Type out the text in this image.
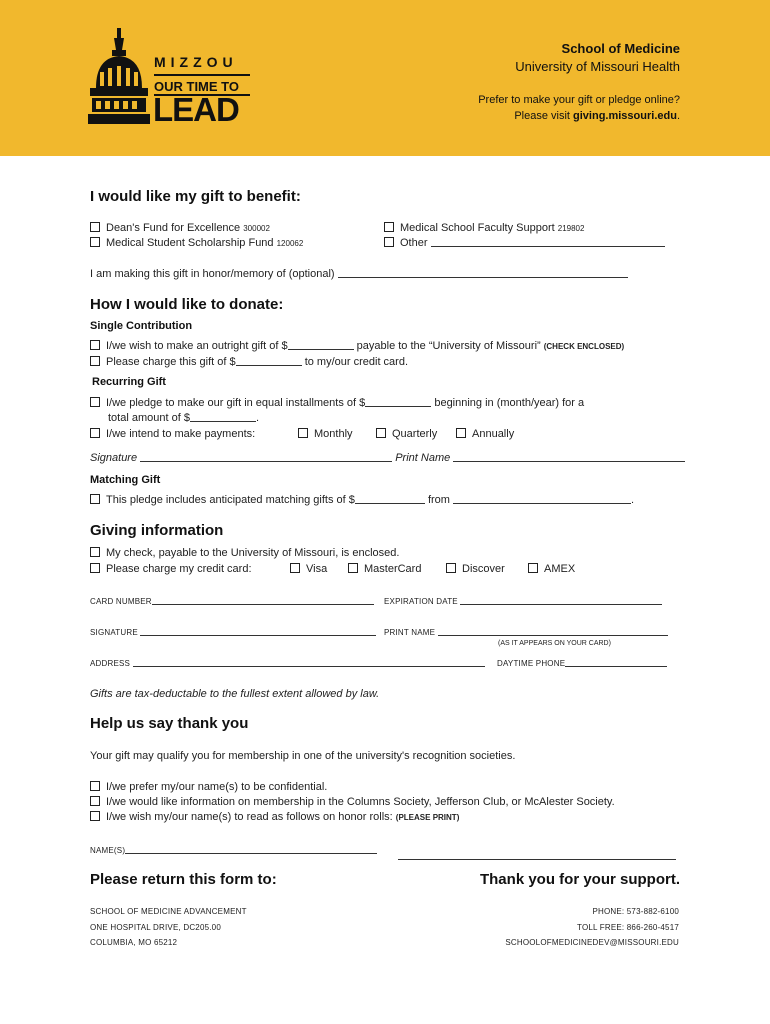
MIZZOU
OUR TIME TO
LEAD
School of Medicine
University of Missouri Health
Prefer to make your gift or pledge online?
Please visit giving.missouri.edu.
I would like my gift to benefit:
Dean's Fund for Excellence 300002
Medical Student Scholarship Fund 120062
Medical School Faculty Support 219802
Other
I am making this gift in honor/memory of (optional)
How I would like to donate:
Single Contribution
I/we wish to make an outright gift of $	payable to the “University of Missouri” (CHECK ENCLOSED)
Please charge this gift of $	to my/our credit card.
Recurring Gift
I/we pledge to make our gift in equal installments of $	beginning in (month/year) for a
total amount of $	.
I/we intend to make payments:	Monthly	Quarterly	Annually
Signature	Print Name
Matching Gift
This pledge includes anticipated matching gifts of $	from	.
Giving information
My check, payable to the University of Missouri, is enclosed.
Please charge my credit card:	Visa	MasterCard	Discover	AMEX
CARD NUMBER	EXPIRATION DATE
SIGNATURE	PRINT NAME
(AS IT APPEARS ON YOUR CARD)
ADDRESS	DAYTIME PHONE
Gifts are tax-deductable to the fullest extent allowed by law.
Help us say thank you
Your gift may qualify you for membership in one of the university's recognition societies.
I/we prefer my/our name(s) to be confidential.
I/we would like information on membership in the Columns Society, Jefferson Club, or McAlester Society.
I/we wish my/our name(s) to read as follows on honor rolls: (PLEASE PRINT)
NAME(S)
Please return this form to:	Thank you for your support.
SCHOOL OF MEDICINE ADVANCEMENT
ONE HOSPITAL DRIVE, DC205.00
COLUMBIA, MO 65212
PHONE: 573-882-6100
TOLL FREE: 866-260-4517
SCHOOLOFMEDICINEDEV@MISSOURI.EDU
